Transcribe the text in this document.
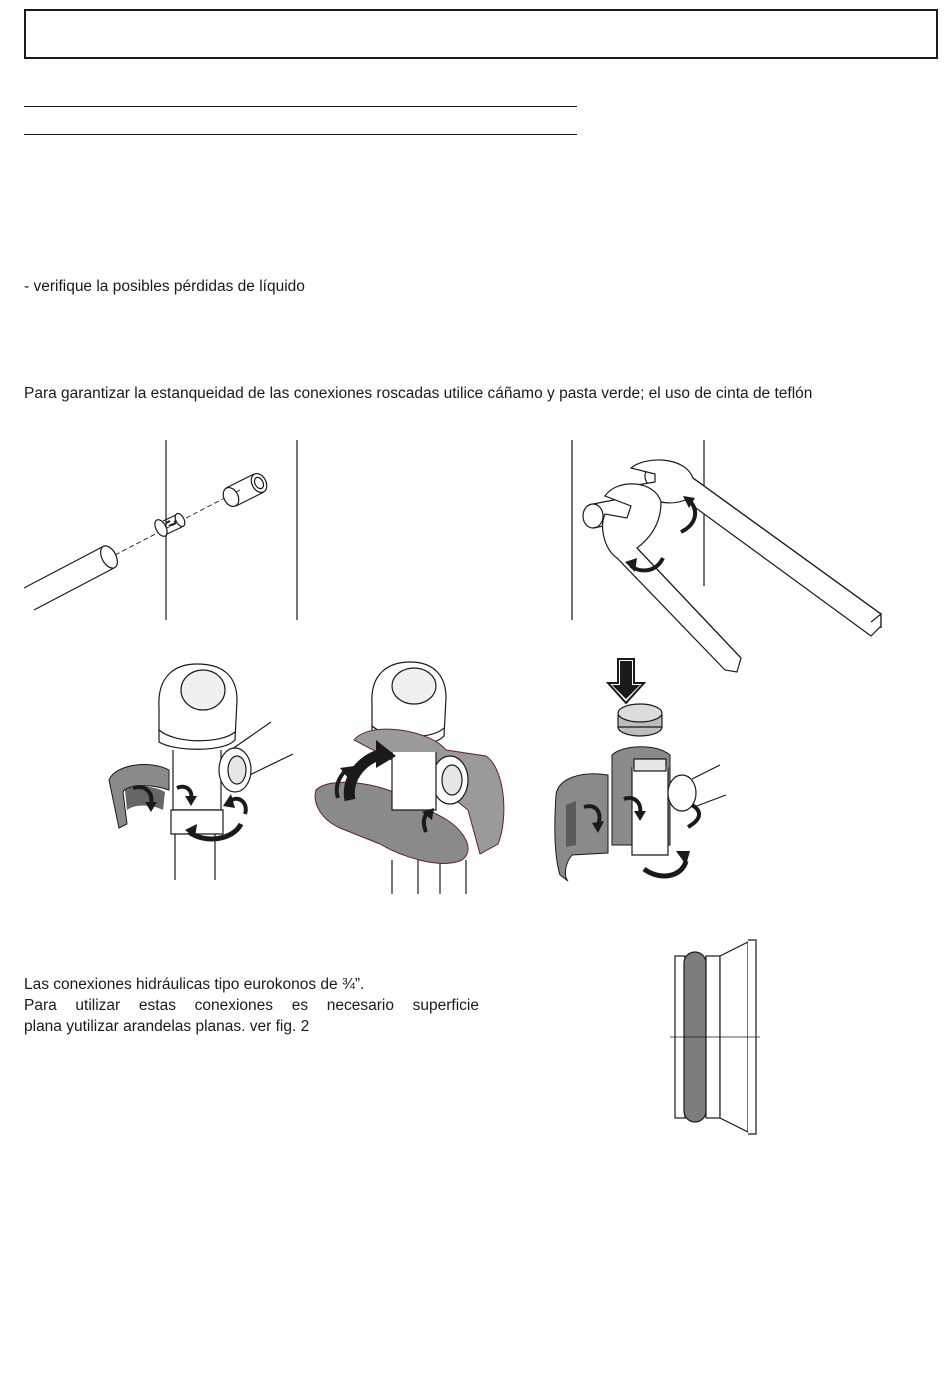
- verifique la posibles pérdidas de líquido
Para garantizar la estanqueidad de las conexiones roscadas utilice cáñamo y pasta verde; el uso de cinta de teflón
Las conexiones hidráulicas tipo eurokonos de ¾”.
Para utilizar estas conexiones es necesario superficie
plana yutilizar arandelas planas. ver fig. 2
